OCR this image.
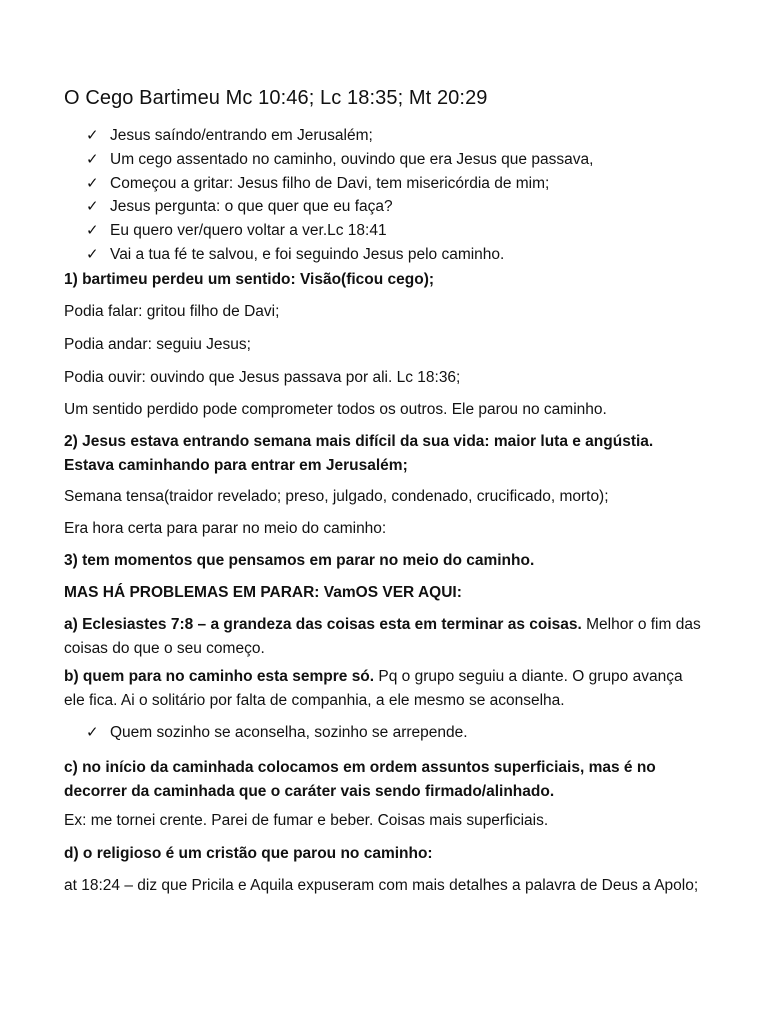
O Cego Bartimeu Mc 10:46; Lc 18:35; Mt 20:29
✓ Jesus saíndo/entrando em Jerusalém;
✓ Um cego assentado no caminho, ouvindo que era Jesus que passava,
✓ Começou a gritar: Jesus filho de Davi, tem misericórdia de mim;
✓ Jesus pergunta: o que quer que eu faça?
✓ Eu quero ver/quero voltar a ver.Lc 18:41
✓ Vai a tua fé te salvou, e foi seguindo Jesus pelo caminho.

1) bartimeu perdeu um sentido: Visão(ficou cego);

Podia falar: gritou filho de Davi;

Podia andar: seguiu Jesus;

Podia ouvir: ouvindo que Jesus passava por ali. Lc 18:36;

Um sentido perdido pode comprometer todos os outros. Ele parou no caminho.

2) Jesus estava entrando semana mais difícil da sua vida: maior luta e angústia. Estava caminhando para entrar em Jerusalém;

Semana tensa(traidor revelado; preso, julgado, condenado, crucificado, morto);

Era hora certa para parar no meio do caminho:

3) tem momentos que pensamos em parar no meio do caminho.

MAS HÁ PROBLEMAS EM PARAR: VamOS VER AQUI:

a) Eclesiastes 7:8 – a grandeza das coisas esta em terminar as coisas. Melhor o fim das coisas do que o seu começo.

b) quem para no caminho esta sempre só. Pq o grupo seguiu a diante. O grupo avança ele fica. Ai o solitário por falta de companhia, a ele mesmo se aconselha.

✓ Quem sozinho se aconselha, sozinho se arrepende.

c) no início da caminhada colocamos em ordem assuntos superficiais, mas é no decorrer da caminhada que o caráter vais sendo firmado/alinhado.

Ex: me tornei crente. Parei de fumar e beber. Coisas mais superficiais.

d) o religioso é um cristão que parou no caminho:

at 18:24 – diz que Pricila e Aquila expuseram com mais detalhes a palavra de Deus a Apolo;
